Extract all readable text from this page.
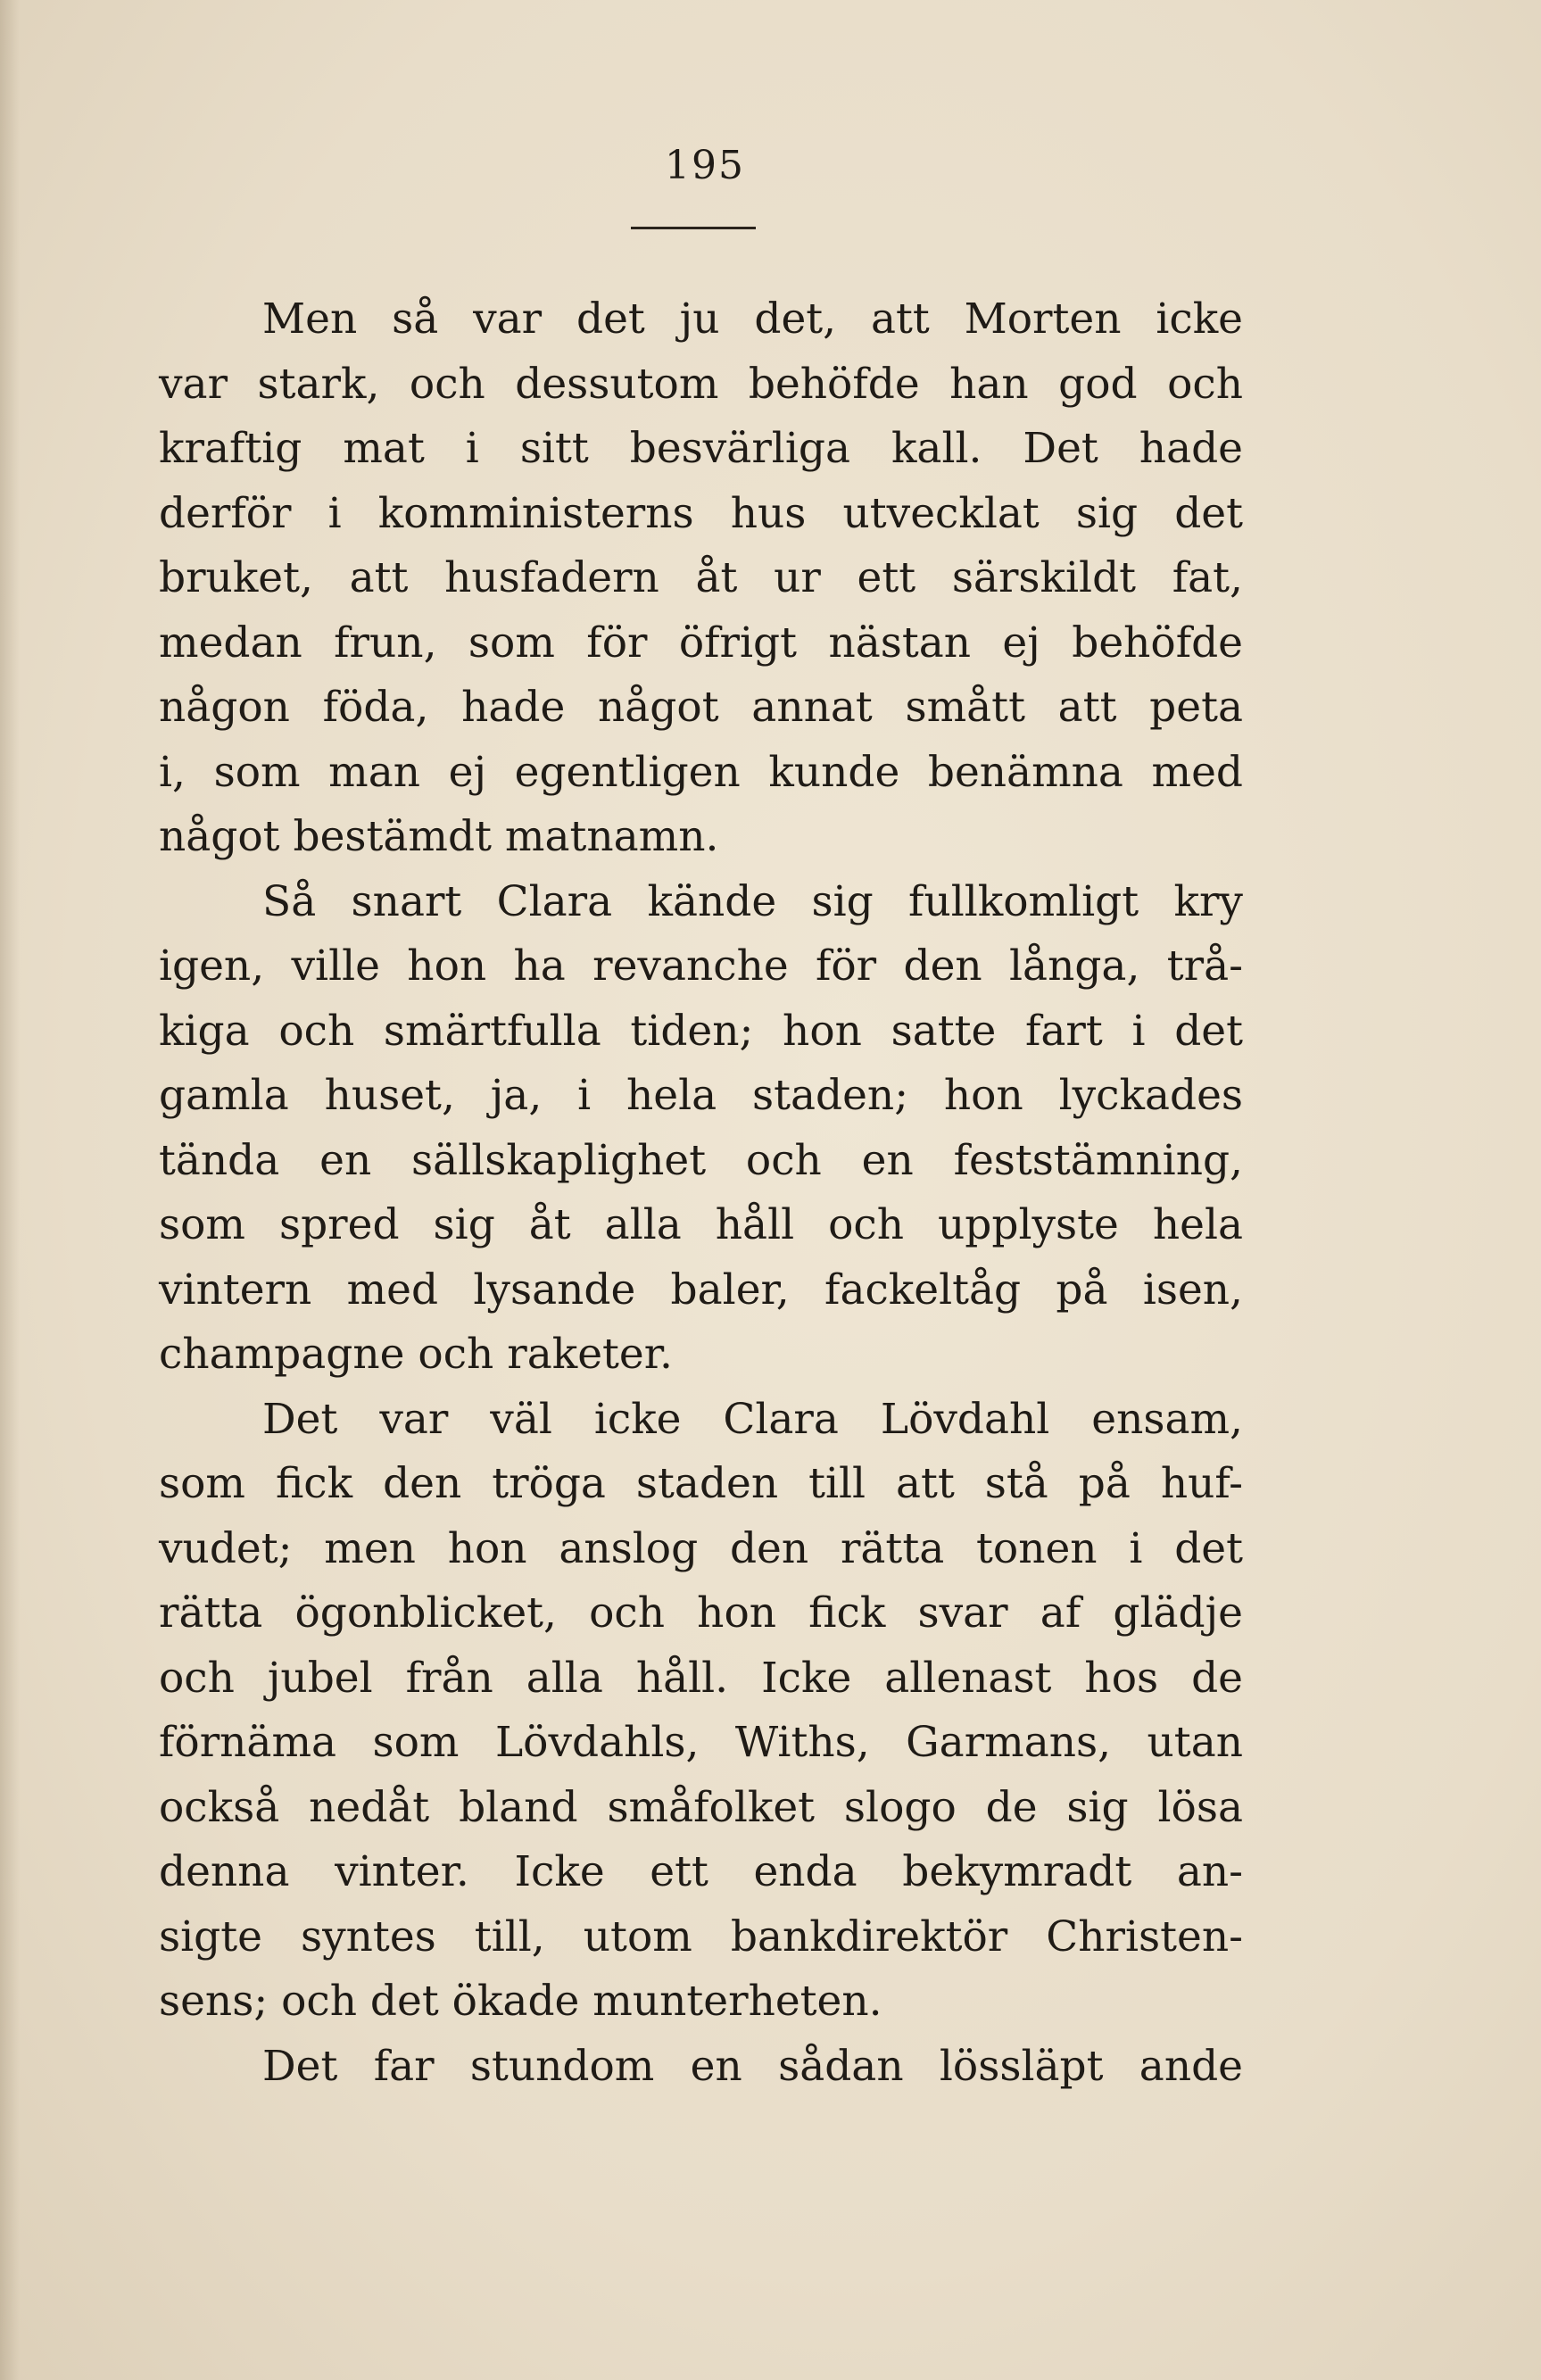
195
Men så var det ju det, att Morten icke
var stark, och dessutom behöfde han god och
kraftig mat i sitt besvärliga kall. Det hade
derför i komministerns hus utvecklat sig det
bruket, att husfadern åt ur ett särskildt fat,
medan frun, som för öfrigt nästan ej behöfde
någon föda, hade något annat smått att peta
i, som man ej egentligen kunde benämna med
något bestämdt matnamn.
Så snart Clara kände sig fullkomligt kry
igen, ville hon ha revanche för den långa, trå-
kiga och smärtfulla tiden; hon satte fart i det
gamla huset, ja, i hela staden; hon lyckades
tända en sällskaplighet och en feststämning,
som spred sig åt alla håll och upplyste hela
vintern med lysande baler, fackeltåg på isen,
champagne och raketer.
Det var väl icke Clara Lövdahl ensam,
som fick den tröga staden till att stå på huf-
vudet; men hon anslog den rätta tonen i det
rätta ögonblicket, och hon fick svar af glädje
och jubel från alla håll. Icke allenast hos de
förnäma som Lövdahls, Withs, Garmans, utan
också nedåt bland småfolket slogo de sig lösa
denna vinter. Icke ett enda bekymradt an-
sigte syntes till, utom bankdirektör Christen-
sens; och det ökade munterheten.
Det far stundom en sådan lössläpt ande
